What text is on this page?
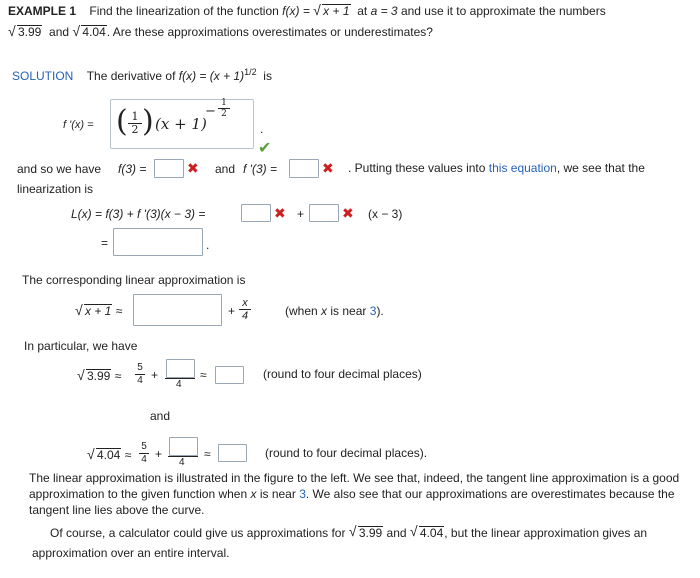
EXAMPLE 1 Find the linearization of the function f(x) = √ x + 1 at a = 3 and use it to approximate the numbers
√ 3.99 and √ 4.04. Are these approximations overestimates or underestimates?
SOLUTION The derivative of $f(x) = (x + 1)^{1/2}$ is
f '(x) = ( $\frac{1}{2}$ ) (x + 1)
− $\frac{1}{2}$
.
✔
and so we have f(3) =	✖ and f '(3) =	✖ . Putting these values into this equation, we see that the
linearization is
L(x) = f(3) + f '(3)(x − 3) =	✖ +	✖ (x − 3)
=	.
The corresponding linear approximation is
√ x + 1 ≈	+ $\frac{x}{4}$	(when x is near 3).
In particular, we have
√ $3.99 \approx \frac{5}{4}$ +
4
≈	(round to four decimal places)
and
√ $4.04 \approx \frac{5}{4}$ +
4
≈	(round to four decimal places).
The linear approximation is illustrated in the figure to the left. We see that, indeed, the tangent line approximation is a good approximation to the given function when x is near 3. We also see that our approximations are overestimates because the tangent line lies above the curve.
Of course, a calculator could give us approximations for √ 3.99 and √ 4.04, but the linear approximation gives an approximation over an entire interval.
